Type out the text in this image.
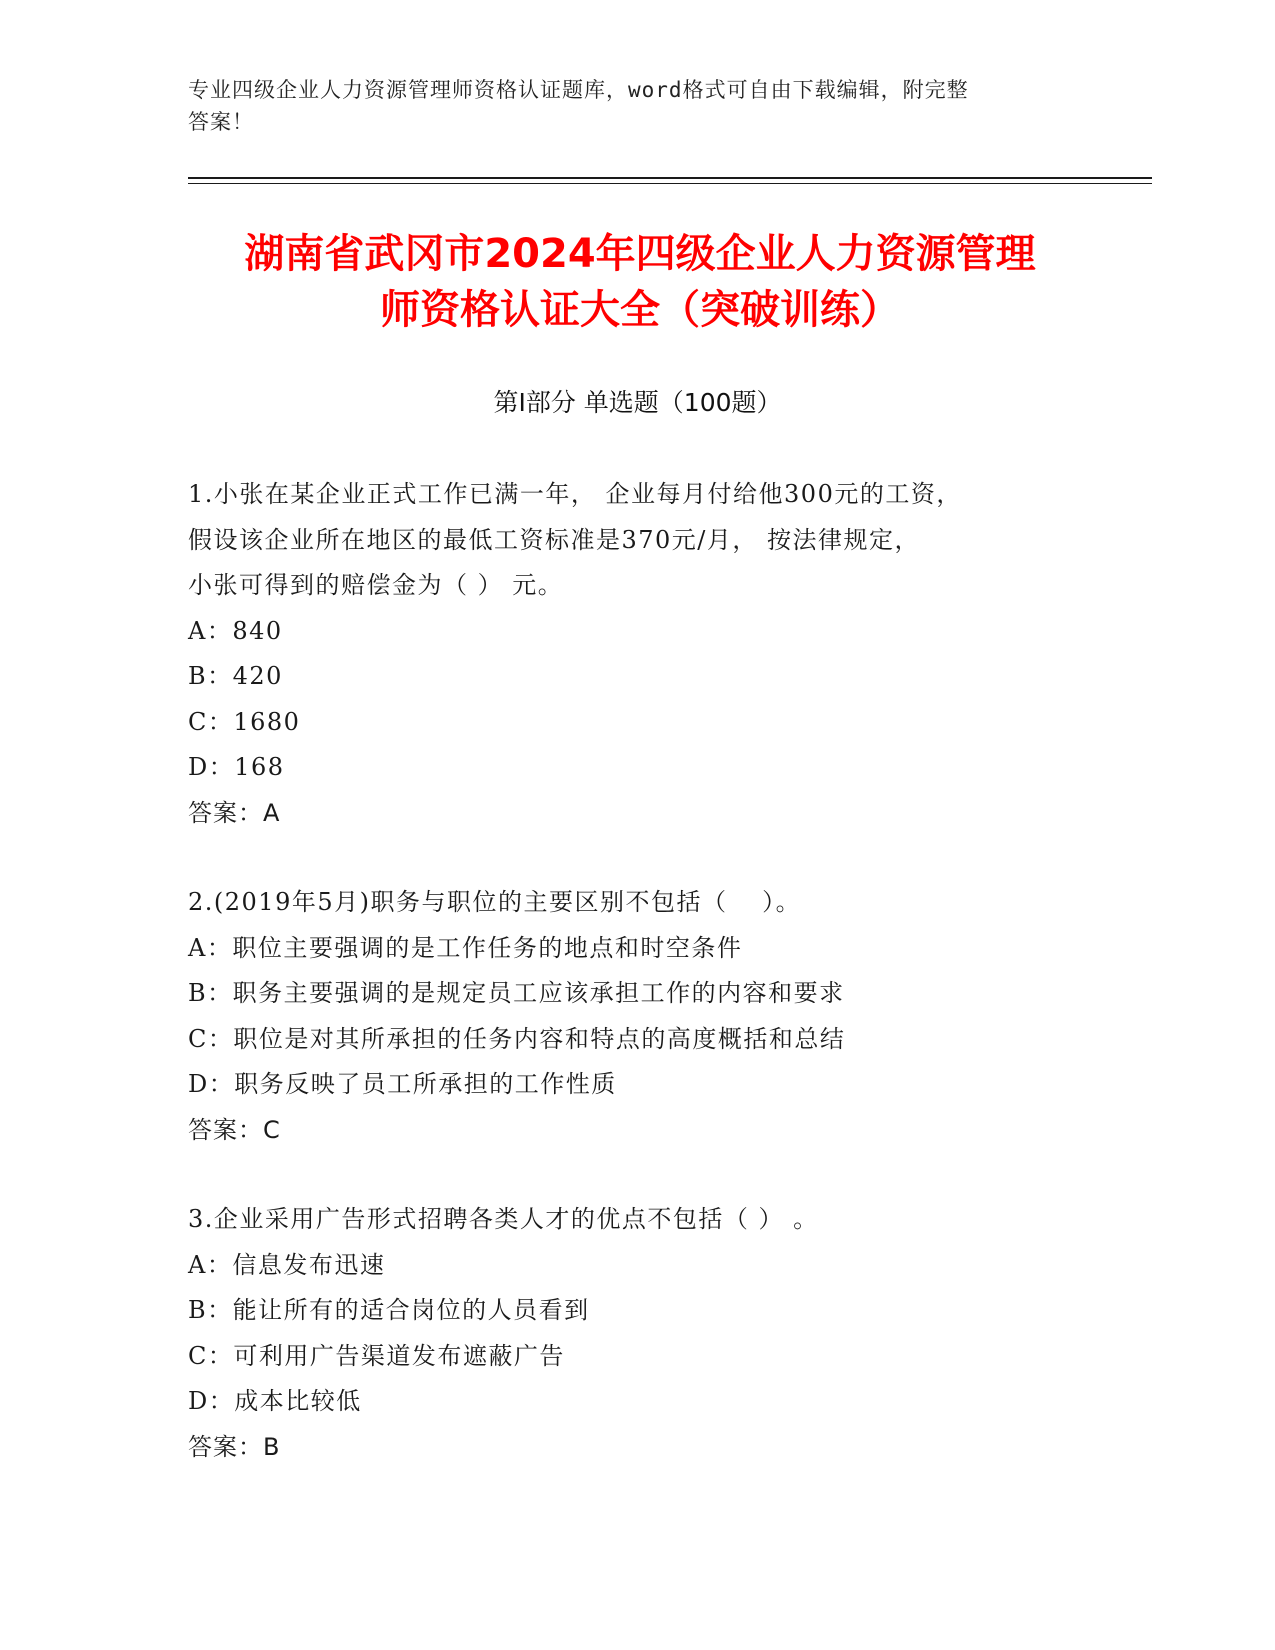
专业四级企业人力资源管理师资格认证题库，word格式可自由下载编辑，附完整
答案！
湖南省武冈市2024年四级企业人力资源管理
师资格认证大全（突破训练）
第Ⅰ部分 单选题（100题）
1.小张在某企业正式工作已满一年， 企业每月付给他300元的工资，
假设该企业所在地区的最低工资标准是370元/月， 按法律规定，
小张可得到的赔偿金为（ ） 元。
A：840
B：420
C：1680
D：168
答案：A
2.(2019年5月)职务与职位的主要区别不包括（　 ）。
A：职位主要强调的是工作任务的地点和时空条件
B：职务主要强调的是规定员工应该承担工作的内容和要求
C：职位是对其所承担的任务内容和特点的高度概括和总结
D：职务反映了员工所承担的工作性质
答案：C
3.企业采用广告形式招聘各类人才的优点不包括（ ） 。
A：信息发布迅速
B：能让所有的适合岗位的人员看到
C：可利用广告渠道发布遮蔽广告
D：成本比较低
答案：B
